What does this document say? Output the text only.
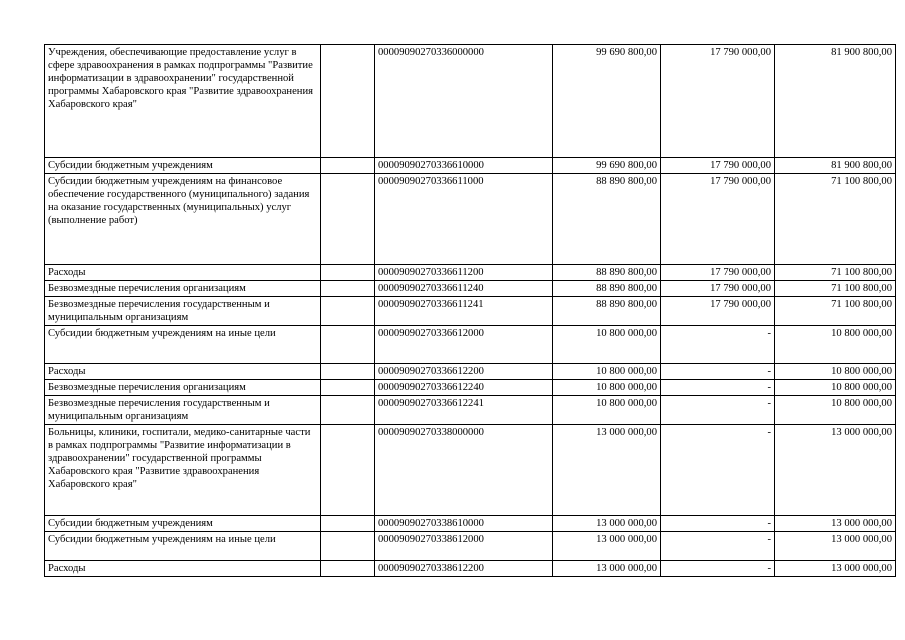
Учреждения, обеспечивающие предоставление услуг в сфере здравоохранения в рамках подпрограммы "Развитие информатизации в здравоохранении" государственной программы Хабаровского края "Развитие здравоохранения Хабаровского края"		00009090270336000000	99 690 800,00	17 790 000,00	81 900 800,00
Субсидии бюджетным учреждениям		00009090270336610000	99 690 800,00	17 790 000,00	81 900 800,00
Субсидии бюджетным учреждениям на финансовое обеспечение государственного (муниципального) задания на оказание государственных (муниципальных) услуг (выполнение работ)		00009090270336611000	88 890 800,00	17 790 000,00	71 100 800,00
Расходы		00009090270336611200	88 890 800,00	17 790 000,00	71 100 800,00
Безвозмездные перечисления организациям		00009090270336611240	88 890 800,00	17 790 000,00	71 100 800,00
Безвозмездные перечисления государственным и муниципальным организациям		00009090270336611241	88 890 800,00	17 790 000,00	71 100 800,00
Субсидии бюджетным учреждениям на иные цели		00009090270336612000	10 800 000,00	-	10 800 000,00
Расходы		00009090270336612200	10 800 000,00	-	10 800 000,00
Безвозмездные перечисления организациям		00009090270336612240	10 800 000,00	-	10 800 000,00
Безвозмездные перечисления государственным и муниципальным организациям		00009090270336612241	10 800 000,00	-	10 800 000,00
Больницы, клиники, госпитали, медико-санитарные части в рамках подпрограммы "Развитие информатизации в здравоохранении" государственной программы Хабаровского края "Развитие здравоохранения Хабаровского края"		00009090270338000000	13 000 000,00	-	13 000 000,00
Субсидии бюджетным учреждениям		00009090270338610000	13 000 000,00	-	13 000 000,00
Субсидии бюджетным учреждениям на иные цели		00009090270338612000	13 000 000,00	-	13 000 000,00
Расходы		00009090270338612200	13 000 000,00	-	13 000 000,00
